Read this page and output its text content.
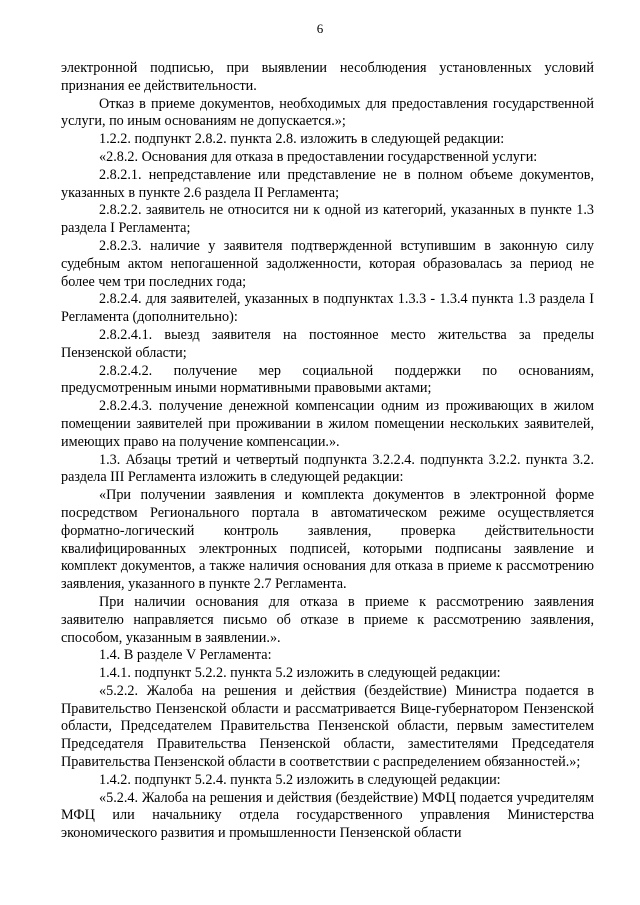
6

электронной подписью, при выявлении несоблюдения установленных условий признания ее действительности.

Отказ в приеме документов, необходимых для предоставления государственной услуги, по иным основаниям не допускается.»;

1.2.2. подпункт 2.8.2. пункта 2.8. изложить в следующей редакции:

«2.8.2. Основания для отказа в предоставлении государственной услуги:

2.8.2.1. непредставление или представление не в полном объеме документов, указанных в пункте 2.6 раздела II Регламента;

2.8.2.2. заявитель не относится ни к одной из категорий, указанных в пункте 1.3 раздела I Регламента;

2.8.2.3. наличие у заявителя подтвержденной вступившим в законную силу судебным актом непогашенной задолженности, которая образовалась за период не более чем три последних года;

2.8.2.4. для заявителей, указанных в подпунктах 1.3.3 - 1.3.4 пункта 1.3 раздела I Регламента (дополнительно):

2.8.2.4.1. выезд заявителя на постоянное место жительства за пределы Пензенской области;

2.8.2.4.2. получение мер социальной поддержки по основаниям, предусмотренным иными нормативными правовыми актами;

2.8.2.4.3. получение денежной компенсации одним из проживающих в жилом помещении заявителей при проживании в жилом помещении нескольких заявителей, имеющих право на получение компенсации.».

1.3. Абзацы третий и четвертый подпункта 3.2.2.4. подпункта 3.2.2. пункта 3.2. раздела III Регламента изложить в следующей редакции:

«При получении заявления и комплекта документов в электронной форме посредством Регионального портала в автоматическом режиме осуществляется форматно-логический контроль заявления, проверка действительности квалифицированных электронных подписей, которыми подписаны заявление и комплект документов, а также наличия основания для отказа в приеме к рассмотрению заявления, указанного в пункте 2.7 Регламента.

При наличии основания для отказа в приеме к рассмотрению заявления заявителю направляется письмо об отказе в приеме к рассмотрению заявления, способом, указанным в заявлении.».

1.4. В разделе V Регламента:

1.4.1. подпункт 5.2.2. пункта 5.2 изложить в следующей редакции:

«5.2.2. Жалоба на решения и действия (бездействие) Министра подается в Правительство Пензенской области и рассматривается Вице-губернатором Пензенской области, Председателем Правительства Пензенской области, первым заместителем Председателя Правительства Пензенской области, заместителями Председателя Правительства Пензенской области в соответствии с распределением обязанностей.»;

1.4.2. подпункт 5.2.4. пункта 5.2 изложить в следующей редакции:

«5.2.4. Жалоба на решения и действия (бездействие) МФЦ подается учредителям МФЦ или начальнику отдела государственного управления Министерства экономического развития и промышленности Пензенской области
